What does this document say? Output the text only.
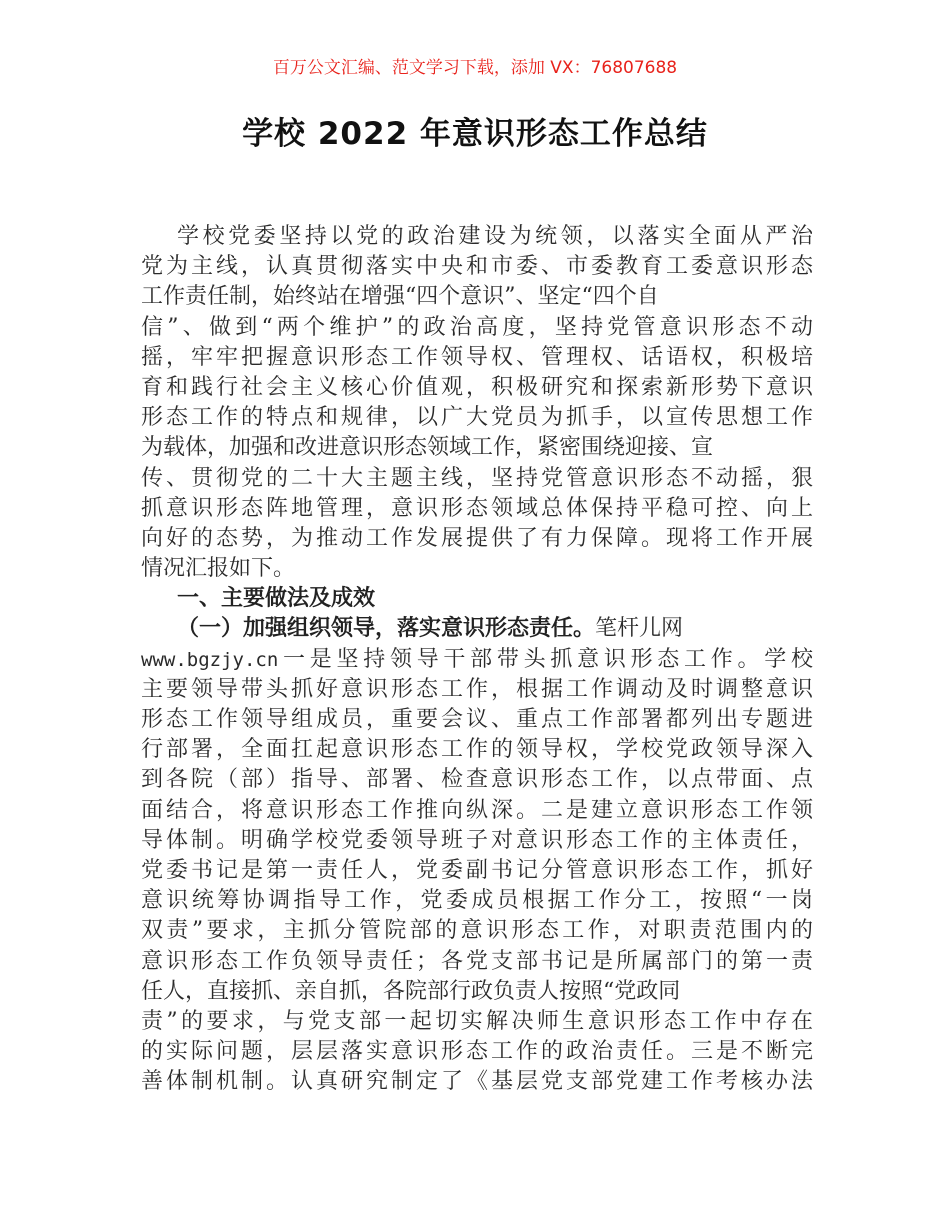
百万公文汇编、范文学习下载，添加 VX：76807688
学校 2022 年意识形态工作总结
学校党委坚持以党的政治建设为统领，以落实全面从严治
党为主线，认真贯彻落实中央和市委、市委教育工委意识形态
工作责任制，始终站在增强“四个意识”、坚定“四个自
信”、做到“两个维护”的政治高度，坚持党管意识形态不动
摇，牢牢把握意识形态工作领导权、管理权、话语权，积极培
育和践行社会主义核心价值观，积极研究和探索新形势下意识
形态工作的特点和规律，以广大党员为抓手，以宣传思想工作
为载体，加强和改进意识形态领域工作，紧密围绕迎接、宣
传、贯彻党的二十大主题主线，坚持党管意识形态不动摇，狠
抓意识形态阵地管理，意识形态领域总体保持平稳可控、向上
向好的态势，为推动工作发展提供了有力保障。现将工作开展
情况汇报如下。
一、主要做法及成效
（一）加强组织领导，落实意识形态责任。笔杆儿网
www.bgzjy.cn一是坚持领导干部带头抓意识形态工作。学校
主要领导带头抓好意识形态工作，根据工作调动及时调整意识
形态工作领导组成员，重要会议、重点工作部署都列出专题进
行部署，全面扛起意识形态工作的领导权，学校党政领导深入
到各院（部）指导、部署、检查意识形态工作，以点带面、点
面结合，将意识形态工作推向纵深。二是建立意识形态工作领
导体制。明确学校党委领导班子对意识形态工作的主体责任，
党委书记是第一责任人，党委副书记分管意识形态工作，抓好
意识统筹协调指导工作，党委成员根据工作分工，按照“一岗
双责”要求，主抓分管院部的意识形态工作，对职责范围内的
意识形态工作负领导责任；各党支部书记是所属部门的第一责
任人，直接抓、亲自抓，各院部行政负责人按照“党政同
责”的要求，与党支部一起切实解决师生意识形态工作中存在
的实际问题，层层落实意识形态工作的政治责任。三是不断完
善体制机制。认真研究制定了《基层党支部党建工作考核办法
